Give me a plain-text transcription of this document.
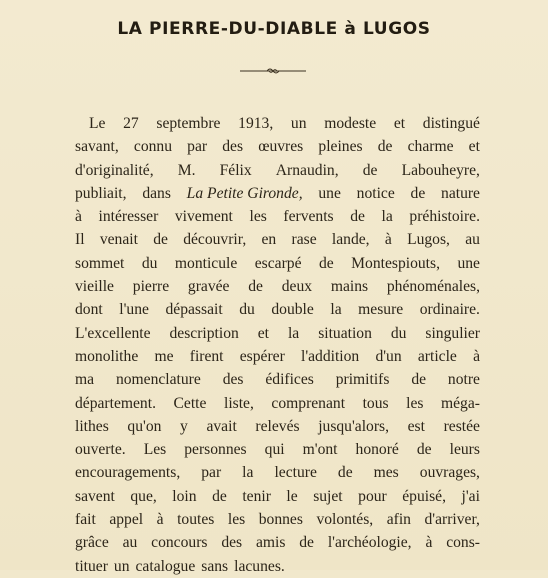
LA PIERRE-DU-DIABLE à LUGOS
Le 27 septembre 1913, un modeste et distingué
savant, connu par des œuvres pleines de charme et
d'originalité, M. Félix Arnaudin, de Labouheyre,
publiait, dans La Petite Gironde, une notice de nature
à intéresser vivement les fervents de la préhistoire.
Il venait de découvrir, en rase lande, à Lugos, au
sommet du monticule escarpé de Montespiouts, une
vieille pierre gravée de deux mains phénoménales,
dont l'une dépassait du double la mesure ordinaire.
L'excellente description et la situation du singulier
monolithe me firent espérer l'addition d'un article à
ma nomenclature des édifices primitifs de notre
département. Cette liste, comprenant tous les méga-
lithes qu'on y avait relevés jusqu'alors, est restée
ouverte. Les personnes qui m'ont honoré de leurs
encouragements, par la lecture de mes ouvrages,
savent que, loin de tenir le sujet pour épuisé, j'ai
fait appel à toutes les bonnes volontés, afin d'arriver,
grâce au concours des amis de l'archéologie, à cons-
tituer un catalogue sans lacunes.
